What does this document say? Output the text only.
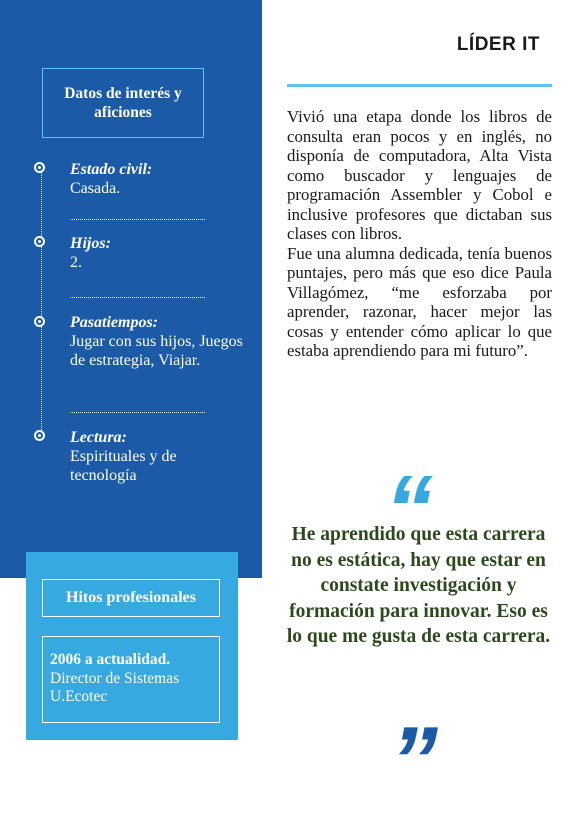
Datos de interés y aficiones
Estado civil:
Casada.
Hijos:
2.
Pasatiempos:
Jugar con sus hijos, Juegos de estrategia, Viajar.
Lectura:
Espirituales y de tecnología
Hitos profesionales
2006 a actualidad.
Director de Sistemas U.Ecotec
LÍDER IT

Vivió una etapa donde los libros de consulta eran pocos y en inglés, no disponía de computadora, Alta Vista como buscador y lenguajes de programación Assembler y Cobol e inclusive profesores que dictaban sus clases con libros.

Fue una alumna dedicada, tenía buenos puntajes, pero más que eso dice Paula Villagómez, “me esforzaba por aprender, razonar, hacer mejor las cosas y entender cómo aplicar lo que estaba aprendiendo para mi futuro”.

“
He aprendido que esta carrera no es estática, hay que estar en constate investigación y formación para innovar. Eso es lo que me gusta de esta carrera.
”
